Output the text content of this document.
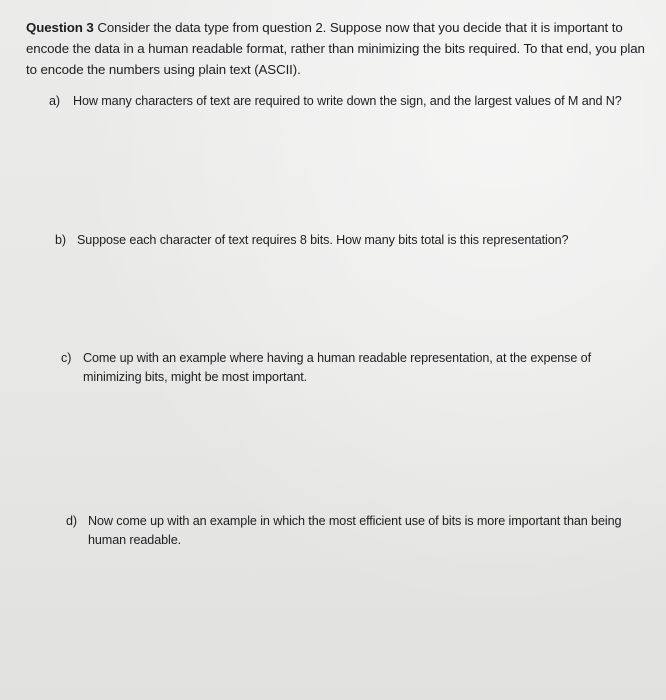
Question 3 Consider the data type from question 2. Suppose now that you decide that it is important to encode the data in a human readable format, rather than minimizing the bits required. To that end, you plan to encode the numbers using plain text (ASCII).
a) How many characters of text are required to write down the sign, and the largest values of M and N?
b) Suppose each character of text requires 8 bits. How many bits total is this representation?
c) Come up with an example where having a human readable representation, at the expense of minimizing bits, might be most important.
d) Now come up with an example in which the most efficient use of bits is more important than being human readable.
